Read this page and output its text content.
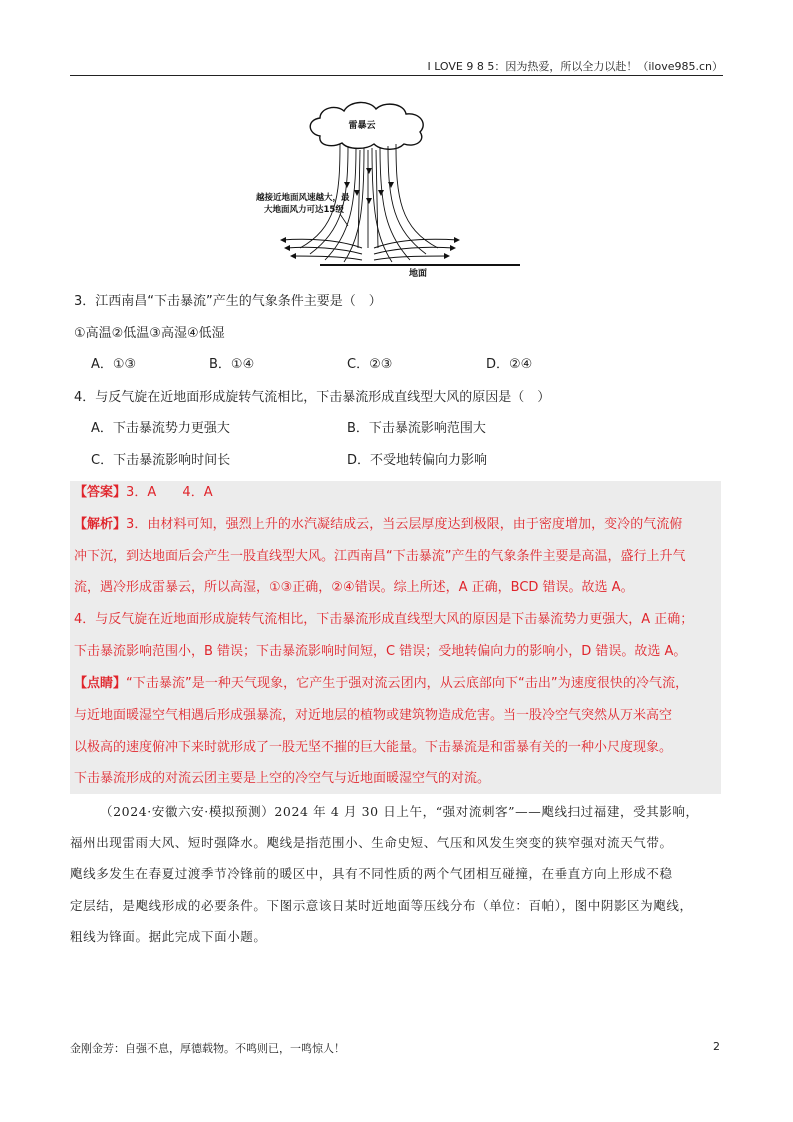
I LOVE 9 8 5：因为热爱，所以全力以赴！（ilove985.cn）
雷暴云
地面
越接近地面风速越大，最
大地面风力可达15级
3．江西南昌“下击暴流”产生的气象条件主要是（　）
①高温②低温③高湿④低湿
A．①③	B．①④	C．②③	D．②④
4．与反气旋在近地面形成旋转气流相比，下击暴流形成直线型大风的原因是（　）
A．下击暴流势力更强大	B．下击暴流影响范围大
C．下击暴流影响时间长	D．不受地转偏向力影响
【答案】3．A　　4．A
【解析】3．由材料可知，强烈上升的水汽凝结成云，当云层厚度达到极限，由于密度增加，变冷的气流俯
冲下沉，到达地面后会产生一股直线型大风。江西南昌“下击暴流”产生的气象条件主要是高温，盛行上升气
流，遇冷形成雷暴云，所以高湿，①③正确，②④错误。综上所述，A 正确，BCD 错误。故选 A。
4．与反气旋在近地面形成旋转气流相比，下击暴流形成直线型大风的原因是下击暴流势力更强大，A 正确；
下击暴流影响范围小，B 错误；下击暴流影响时间短，C 错误；受地转偏向力的影响小，D 错误。故选 A。
【点睛】“下击暴流”是一种天气现象，它产生于强对流云团内，从云底部向下“击出”为速度很快的冷气流，
与近地面暖湿空气相遇后形成强暴流，对近地层的植物或建筑物造成危害。当一股冷空气突然从万米高空
以极高的速度俯冲下来时就形成了一股无坚不摧的巨大能量。下击暴流是和雷暴有关的一种小尺度现象。
下击暴流形成的对流云团主要是上空的冷空气与近地面暖湿空气的对流。
（2024·安徽六安·模拟预测）2024 年 4 月 30 日上午，“强对流刺客”——飑线扫过福建，受其影响，
福州出现雷雨大风、短时强降水。飑线是指范围小、生命史短、气压和风发生突变的狭窄强对流天气带。
飑线多发生在春夏过渡季节冷锋前的暖区中，具有不同性质的两个气团相互碰撞，在垂直方向上形成不稳
定层结，是飑线形成的必要条件。下图示意该日某时近地面等压线分布（单位：百帕），图中阴影区为飑线，
粗线为锋面。据此完成下面小题。
金刚金芳：自强不息，厚德载物。不鸣则已，一鸣惊人！	2
